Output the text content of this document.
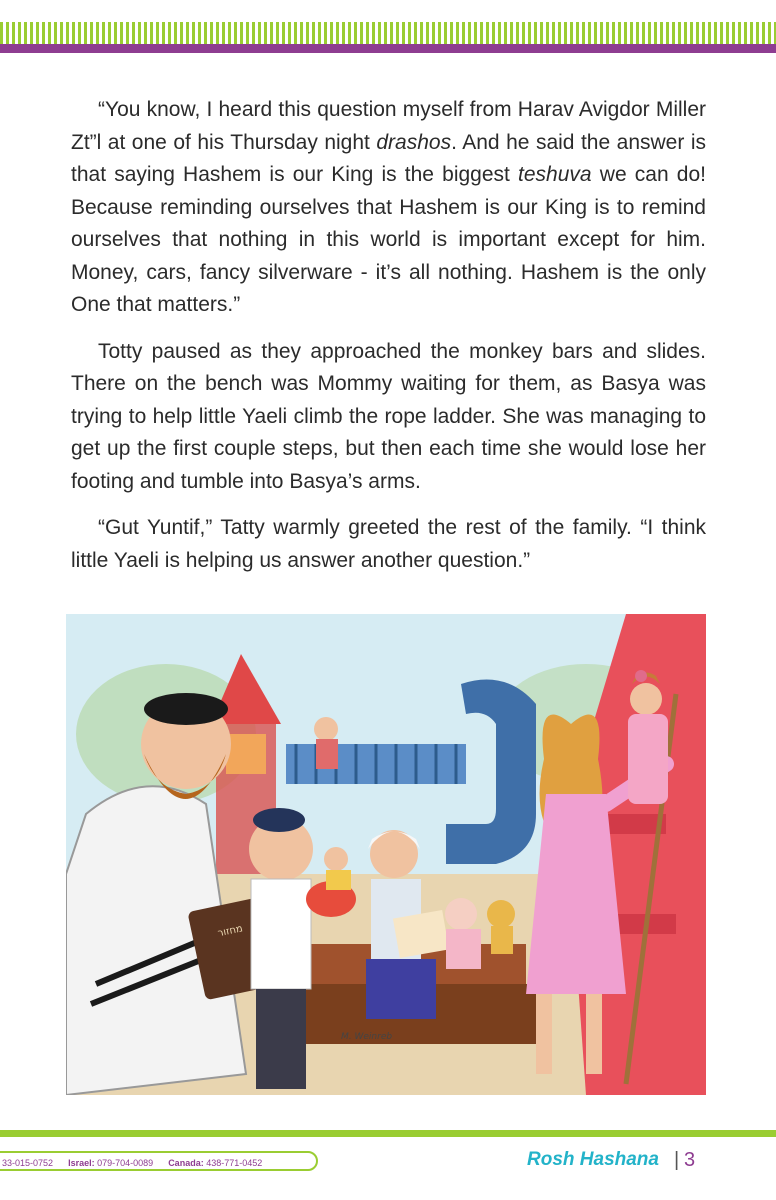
“You know, I heard this question myself from Harav Avigdor Miller Zt”l at one of his Thursday night drashos. And he said the answer is that saying Hashem is our King is the biggest teshuva we can do! Because reminding ourselves that Hashem is our King is to remind ourselves that nothing in this world is important except for him. Money, cars, fancy silverware - it’s all nothing. Hashem is the only One that matters.”

Totty paused as they approached the monkey bars and slides. There on the bench was Mommy waiting for them, as Basya was trying to help little Yaeli climb the rope ladder. She was managing to get up the first couple steps, but then each time she would lose her footing and tumble into Basya’s arms.

“Gut Yuntif,” Tatty warmly greeted the rest of the family. “I think little Yaeli is helping us answer another question.”

מחזור
M. Weinreb
33-015-0752 Israel: 079-704-0089 Canada: 438-771-0452	Rosh Hashana | 3
